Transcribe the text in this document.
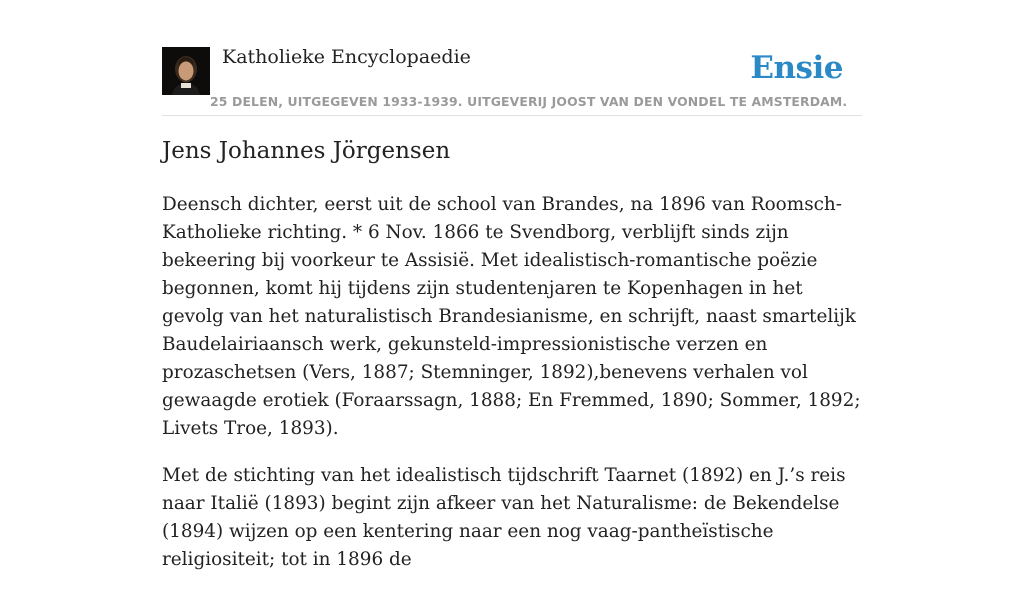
Katholieke Encyclopaedie
25 DELEN, UITGEGEVEN 1933-1939. UITGEVERIJ JOOST VAN DEN VONDEL TE AMSTERDAM.
Ensie
Jens Johannes Jörgensen

Deensch dichter, eerst uit de school van Brandes, na 1896 van Roomsch-Katholieke richting. * 6 Nov. 1866 te Svendborg, verblijft sinds zijn bekeering bij voorkeur te Assisië. Met idealistisch-romantische poëzie begonnen, komt hij tijdens zijn studentenjaren te Kopenhagen in het gevolg van het naturalistisch Brandesianisme, en schrijft, naast smartelijk Baudelairiaansch werk, gekunsteld-impressionistische verzen en prozaschetsen (Vers, 1887; Stemninger, 1892),benevens verhalen vol gewaagde erotiek (Foraarssagn, 1888; En Fremmed, 1890; Sommer, 1892; Livets Troe, 1893).

Met de stichting van het idealistisch tijdschrift Taarnet (1892) en J.’s reis naar Italië (1893) begint zijn afkeer van het Naturalisme: de Bekendelse (1894) wijzen op een kentering naar een nog vaag-pantheïstische religiositeit; tot in 1896 de
